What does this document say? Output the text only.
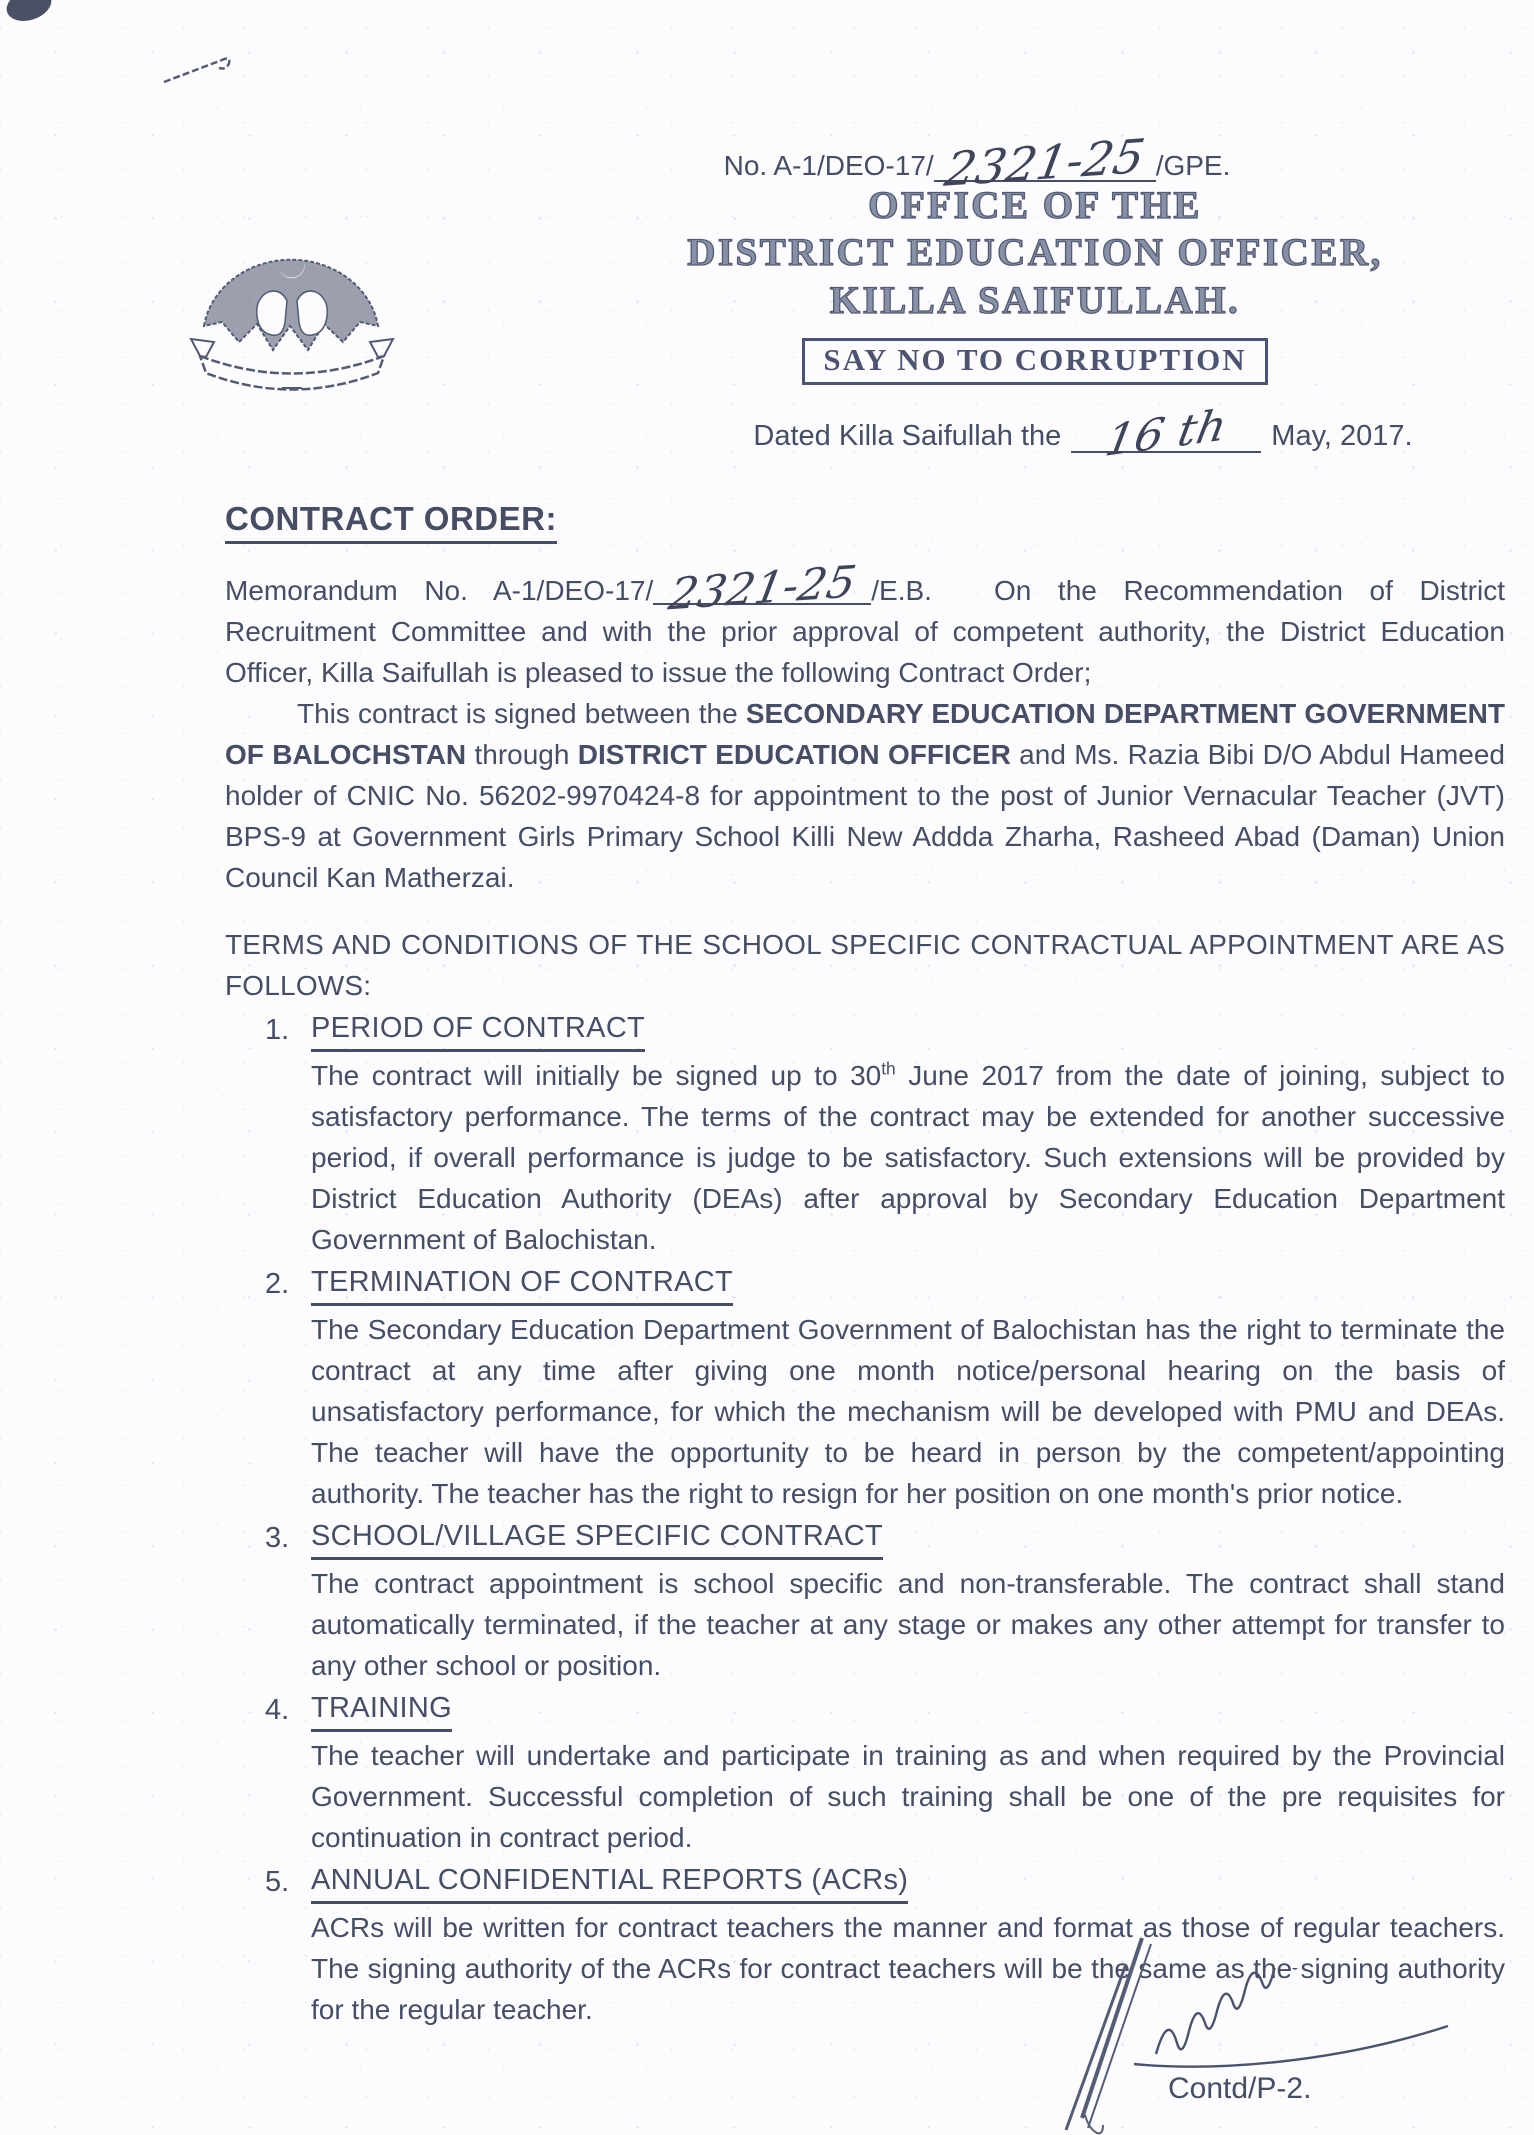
No. A-1/DEO-17/ 2321-25 /GPE.
OFFICE OF THE
DISTRICT EDUCATION OFFICER,
KILLA SAIFULLAH.
SAY NO TO CORRUPTION
Dated Killa Saifullah the 16 th	May, 2017.
CONTRACT ORDER:

Memorandum No. A-1/DEO-17/ 2321-25 /E.B. On the Recommendation of District Recruitment Committee and with the prior approval of competent authority, the District Education Officer, Killa Saifullah is pleased to issue the following Contract Order;

This contract is signed between the SECONDARY EDUCATION DEPARTMENT GOVERNMENT OF BALOCHSTAN through DISTRICT EDUCATION OFFICER and Ms. Razia Bibi D/O Abdul Hameed holder of CNIC No. 56202-9970424-8 for appointment to the post of Junior Vernacular Teacher (JVT) BPS-9 at Government Girls Primary School Killi New Addda Zharha, Rasheed Abad (Daman) Union Council Kan Matherzai.

TERMS AND CONDITIONS OF THE SCHOOL SPECIFIC CONTRACTUAL APPOINTMENT ARE AS FOLLOWS:

1. PERIOD OF CONTRACT

The contract will initially be signed up to 30th June 2017 from the date of joining, subject to satisfactory performance. The terms of the contract may be extended for another successive period, if overall performance is judge to be satisfactory. Such extensions will be provided by District Education Authority (DEAs) after approval by Secondary Education Department Government of Balochistan.

2. TERMINATION OF CONTRACT

The Secondary Education Department Government of Balochistan has the right to terminate the contract at any time after giving one month notice/personal hearing on the basis of unsatisfactory performance, for which the mechanism will be developed with PMU and DEAs. The teacher will have the opportunity to be heard in person by the competent/appointing authority. The teacher has the right to resign for her position on one month's prior notice.

3. SCHOOL/VILLAGE SPECIFIC CONTRACT

The contract appointment is school specific and non-transferable. The contract shall stand automatically terminated, if the teacher at any stage or makes any other attempt for transfer to any other school or position.

4. TRAINING

The teacher will undertake and participate in training as and when required by the Provincial Government. Successful completion of such training shall be one of the pre requisites for continuation in contract period.

5. ANNUAL CONFIDENTIAL REPORTS (ACRs)

ACRs will be written for contract teachers the manner and format as those of regular teachers. The signing authority of the ACRs for contract teachers will be the same as the signing authority for the regular teacher.

Contd/P-2.
